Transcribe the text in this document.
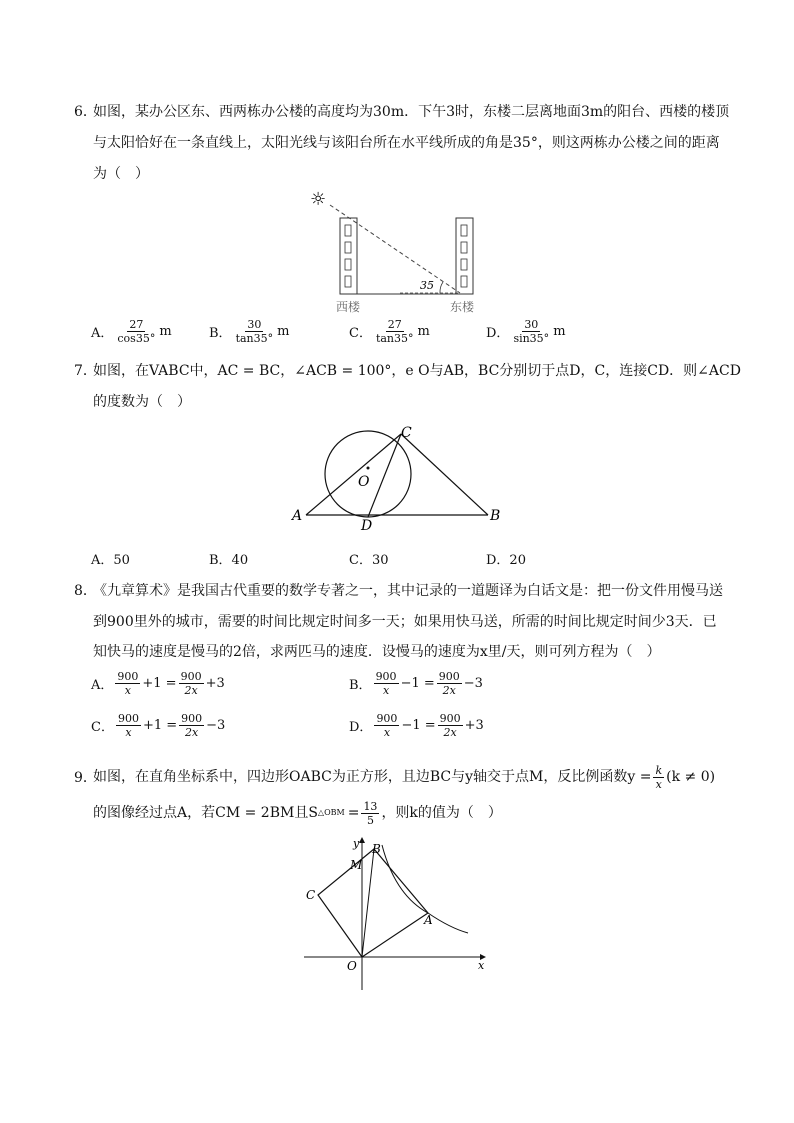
6．
如图，某办公区东、西两栋办公楼的高度均为30m．下午3时，东楼二层离地面3m的阳台、西楼的楼顶
与太阳恰好在一条直线上，太阳光线与该阳台所在水平线所成的角是35°，则这两栋办公楼之间的距离
为（　）
☼
35
西楼	东楼
A． $\frac{27}{\cos 35^\circ}$ m	B． $\frac{30}{\tan 35^\circ}$ m	C． $\frac{27}{\tan 35^\circ}$ m	D． $\frac{30}{\sin 35^\circ}$ m
7．
如图，在VABC中，AC = BC，∠ACB = 100°，e O与AB，BC分别切于点D，C，连接CD．则∠ACD
的度数为（　）
A	B
C
D
O
A．50	B．40	C．30	D．20
8．
《九章算术》是我国古代重要的数学专著之一，其中记录的一道题译为白话文是：把一份文件用慢马送
到900里外的城市，需要的时间比规定时间多一天；如果用快马送，所需的时间比规定时间少3天．已
知快马的速度是慢马的2倍，求两匹马的速度．设慢马的速度为x里/天，则可列方程为（　）
A． $\frac{900}{x} +1 = \frac{900}{2x} +3$	B． $\frac{900}{x} -1 = \frac{900}{2x} -3$
C． $\frac{900}{x} +1 = \frac{900}{2x} -3$	D． $\frac{900}{x} -1 = \frac{900}{2x} +3$
9．
如图，在直角坐标系中，四边形OABC为正方形，且边BC与y轴交于点M，反比例函数$y = \frac{k}{x} (k \ne 0)$
的图像经过点A，若CM = 2BM且S △OBM = $\frac{13}{5}$ ，则k的值为（　）
y
x
O
A
B
C
M
